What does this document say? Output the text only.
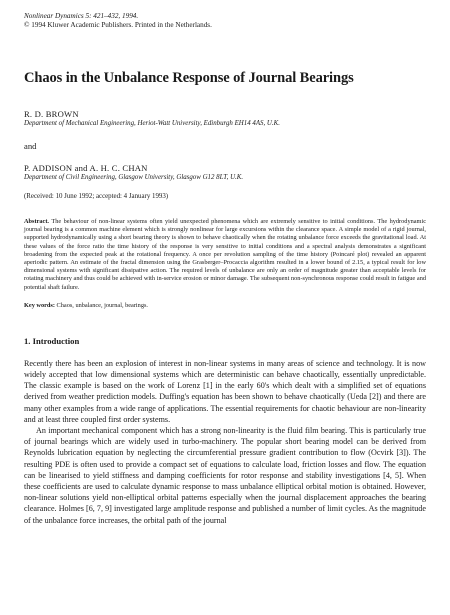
Nonlinear Dynamics 5: 421–432, 1994.
© 1994 Kluwer Academic Publishers. Printed in the Netherlands.
Chaos in the Unbalance Response of Journal Bearings
R. D. BROWN
Department of Mechanical Engineering, Heriot-Watt University, Edinburgh EH14 4AS, U.K.
and
P. ADDISON and A. H. C. CHAN
Department of Civil Engineering, Glasgow University, Glasgow G12 8LT, U.K.
(Received: 10 June 1992; accepted: 4 January 1993)
Abstract. The behaviour of non-linear systems often yield unexpected phenomena which are extremely sensitive to initial conditions. The hydrodynamic journal bearing is a common machine element which is strongly nonlinear for large excursions within the clearance space. A simple model of a rigid journal, supported hydrodynamically using a short bearing theory is shown to behave chaotically when the rotating unbalance force exceeds the gravitational load. At these values of the force ratio the time history of the response is very sensitive to initial conditions and a spectral analysis demonstrates a significant broadening from the expected peak at the rotational frequency. A once per revolution sampling of the time history (Poincaré plot) revealed an apparent aperiodic pattern. An estimate of the fractal dimension using the Grasberger–Procaccia algorithm resulted in a lower bound of 2.15, a typical result for low dimensional systems with significant dissipative action. The required levels of unbalance are only an order of magnitude greater than acceptable levels for rotating machinery and thus could be achieved with in-service erosion or minor damage. The subsequent non-synchronous response could result in fatigue and potential shaft failure.
Key words: Chaos, unbalance, journal, bearings.
1. Introduction

Recently there has been an explosion of interest in non-linear systems in many areas of science and technology. It is now widely accepted that low dimensional systems which are deterministic can behave chaotically, essentially unpredictable. The classic example is based on the work of Lorenz [1] in the early 60's which dealt with a simplified set of equations derived from weather prediction models. Duffing's equation has been shown to behave chaotically (Ueda [2]) and there are many other examples from a wide range of applications. The essential requirements for chaotic behaviour are non-linearity and at least three coupled first order systems.

An important mechanical component which has a strong non-linearity is the fluid film bearing. This is particularly true of journal bearings which are widely used in turbo-machinery. The popular short bearing model can be derived from Reynolds lubrication equation by neglecting the circumferential pressure gradient contribution to flow (Ocvirk [3]). The resulting PDE is often used to provide a compact set of equations to calculate load, friction losses and flow. The equation can be linearised to yield stiffness and damping coefficients for rotor response and stability investigations [4, 5]. When these coefficients are used to calculate dynamic response to mass unbalance elliptical orbital motion is obtained. However, non-linear solutions yield non-elliptical orbital patterns especially when the journal displacement approaches the bearing clearance. Holmes [6, 7, 9] investigated large amplitude response and published a number of limit cycles. As the magnitude of the unbalance force increases, the orbital path of the journal
